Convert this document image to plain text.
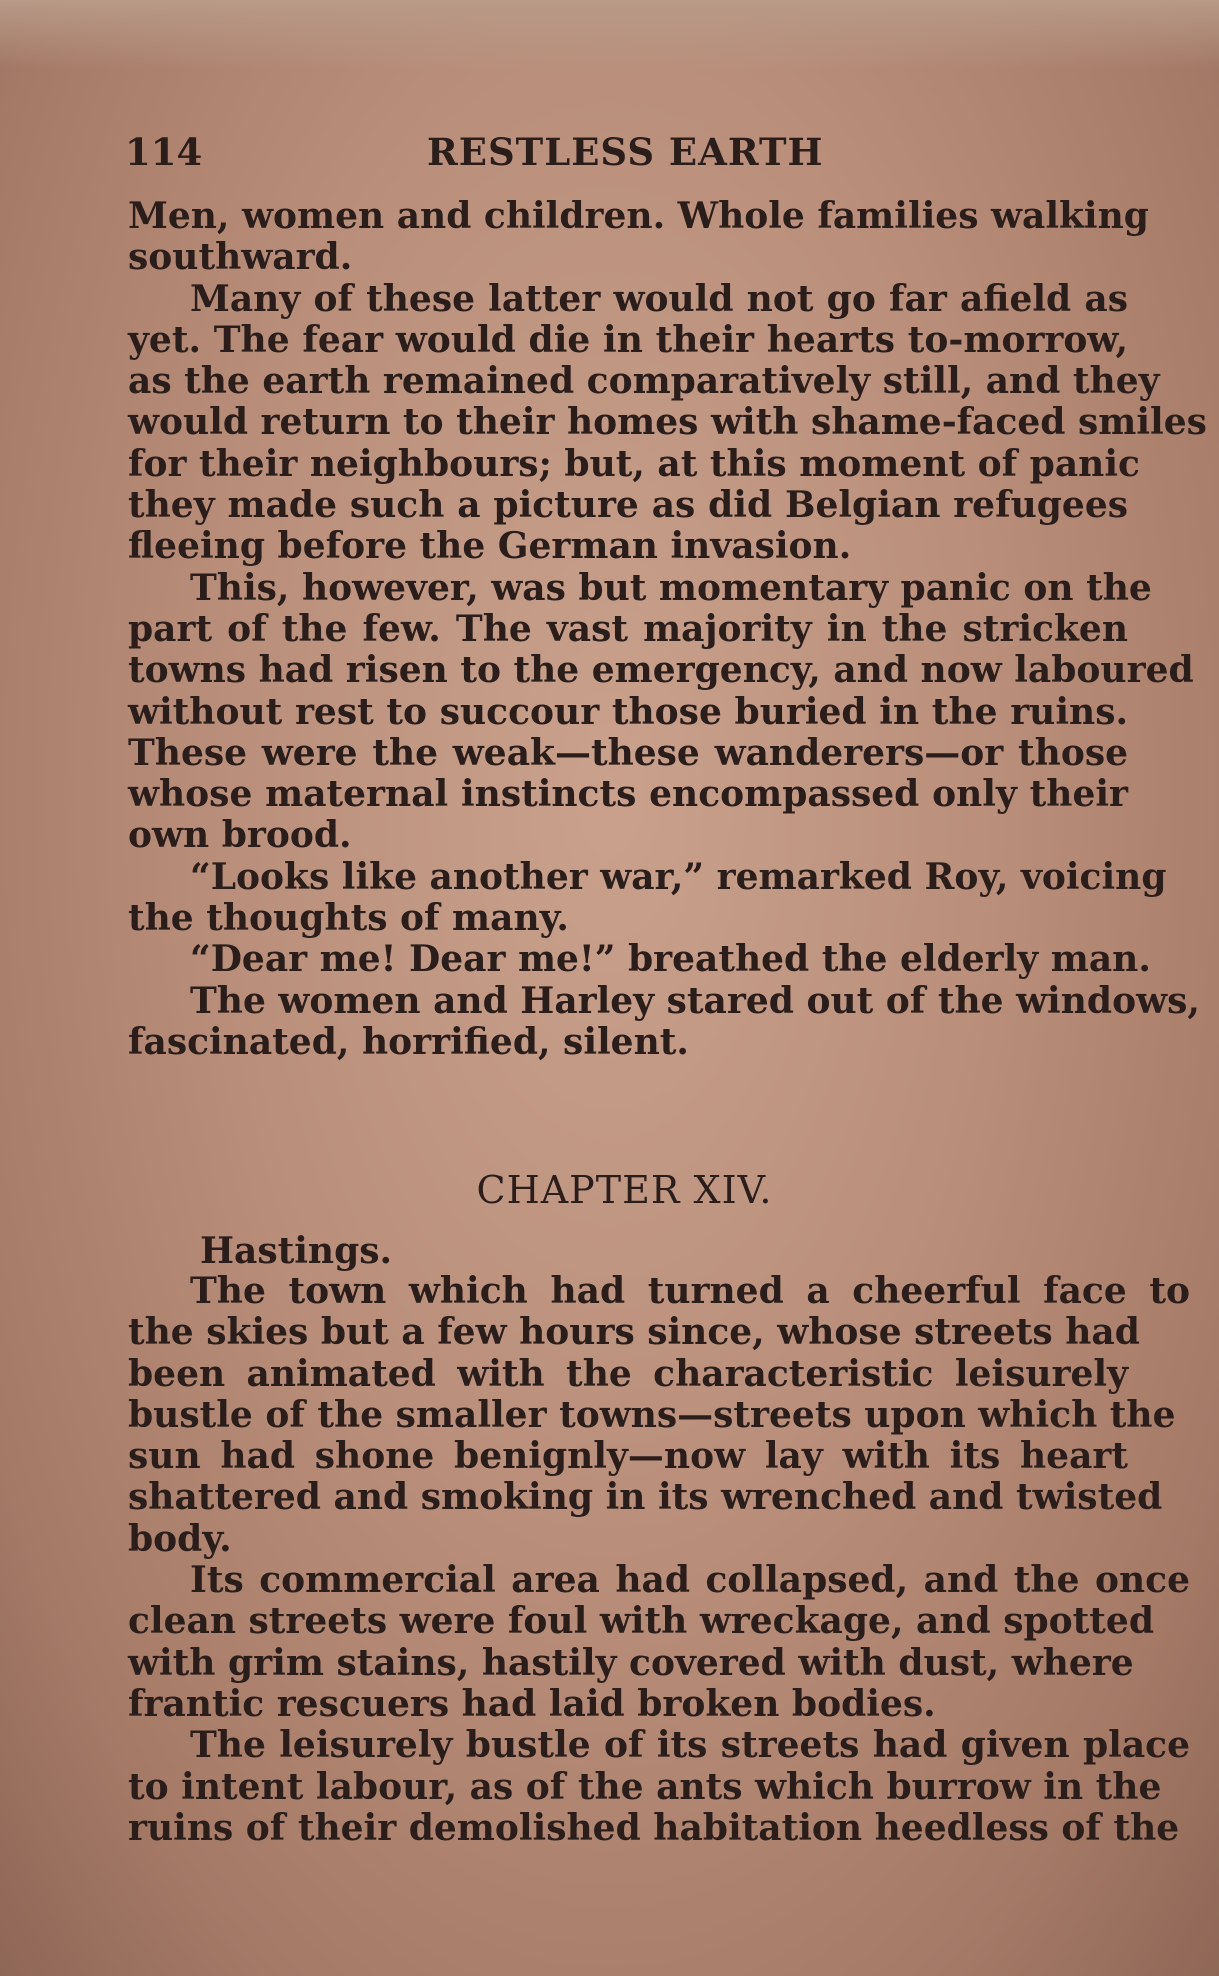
114	RESTLESS EARTH
Men, women and children. Whole families walking
southward.
Many of these latter would not go far afield as
yet. The fear would die in their hearts to-morrow,
as the earth remained comparatively still, and they
would return to their homes with shame-faced smiles
for their neighbours; but, at this moment of panic
they made such a picture as did Belgian refugees
fleeing before the German invasion.
This, however, was but momentary panic on the
part of the few. The vast majority in the stricken
towns had risen to the emergency, and now laboured
without rest to succour those buried in the ruins.
These were the weak—these wanderers—or those
whose maternal instincts encompassed only their
own brood.
“Looks like another war,” remarked Roy, voicing
the thoughts of many.
“Dear me! Dear me!” breathed the elderly man.
The women and Harley stared out of the windows,
fascinated, horrified, silent.
CHAPTER XIV.
Hastings.
The town which had turned a cheerful face to
the skies but a few hours since, whose streets had
been animated with the characteristic leisurely
bustle of the smaller towns—streets upon which the
sun had shone benignly—now lay with its heart
shattered and smoking in its wrenched and twisted
body.
Its commercial area had collapsed, and the once
clean streets were foul with wreckage, and spotted
with grim stains, hastily covered with dust, where
frantic rescuers had laid broken bodies.
The leisurely bustle of its streets had given place
to intent labour, as of the ants which burrow in the
ruins of their demolished habitation heedless of the
